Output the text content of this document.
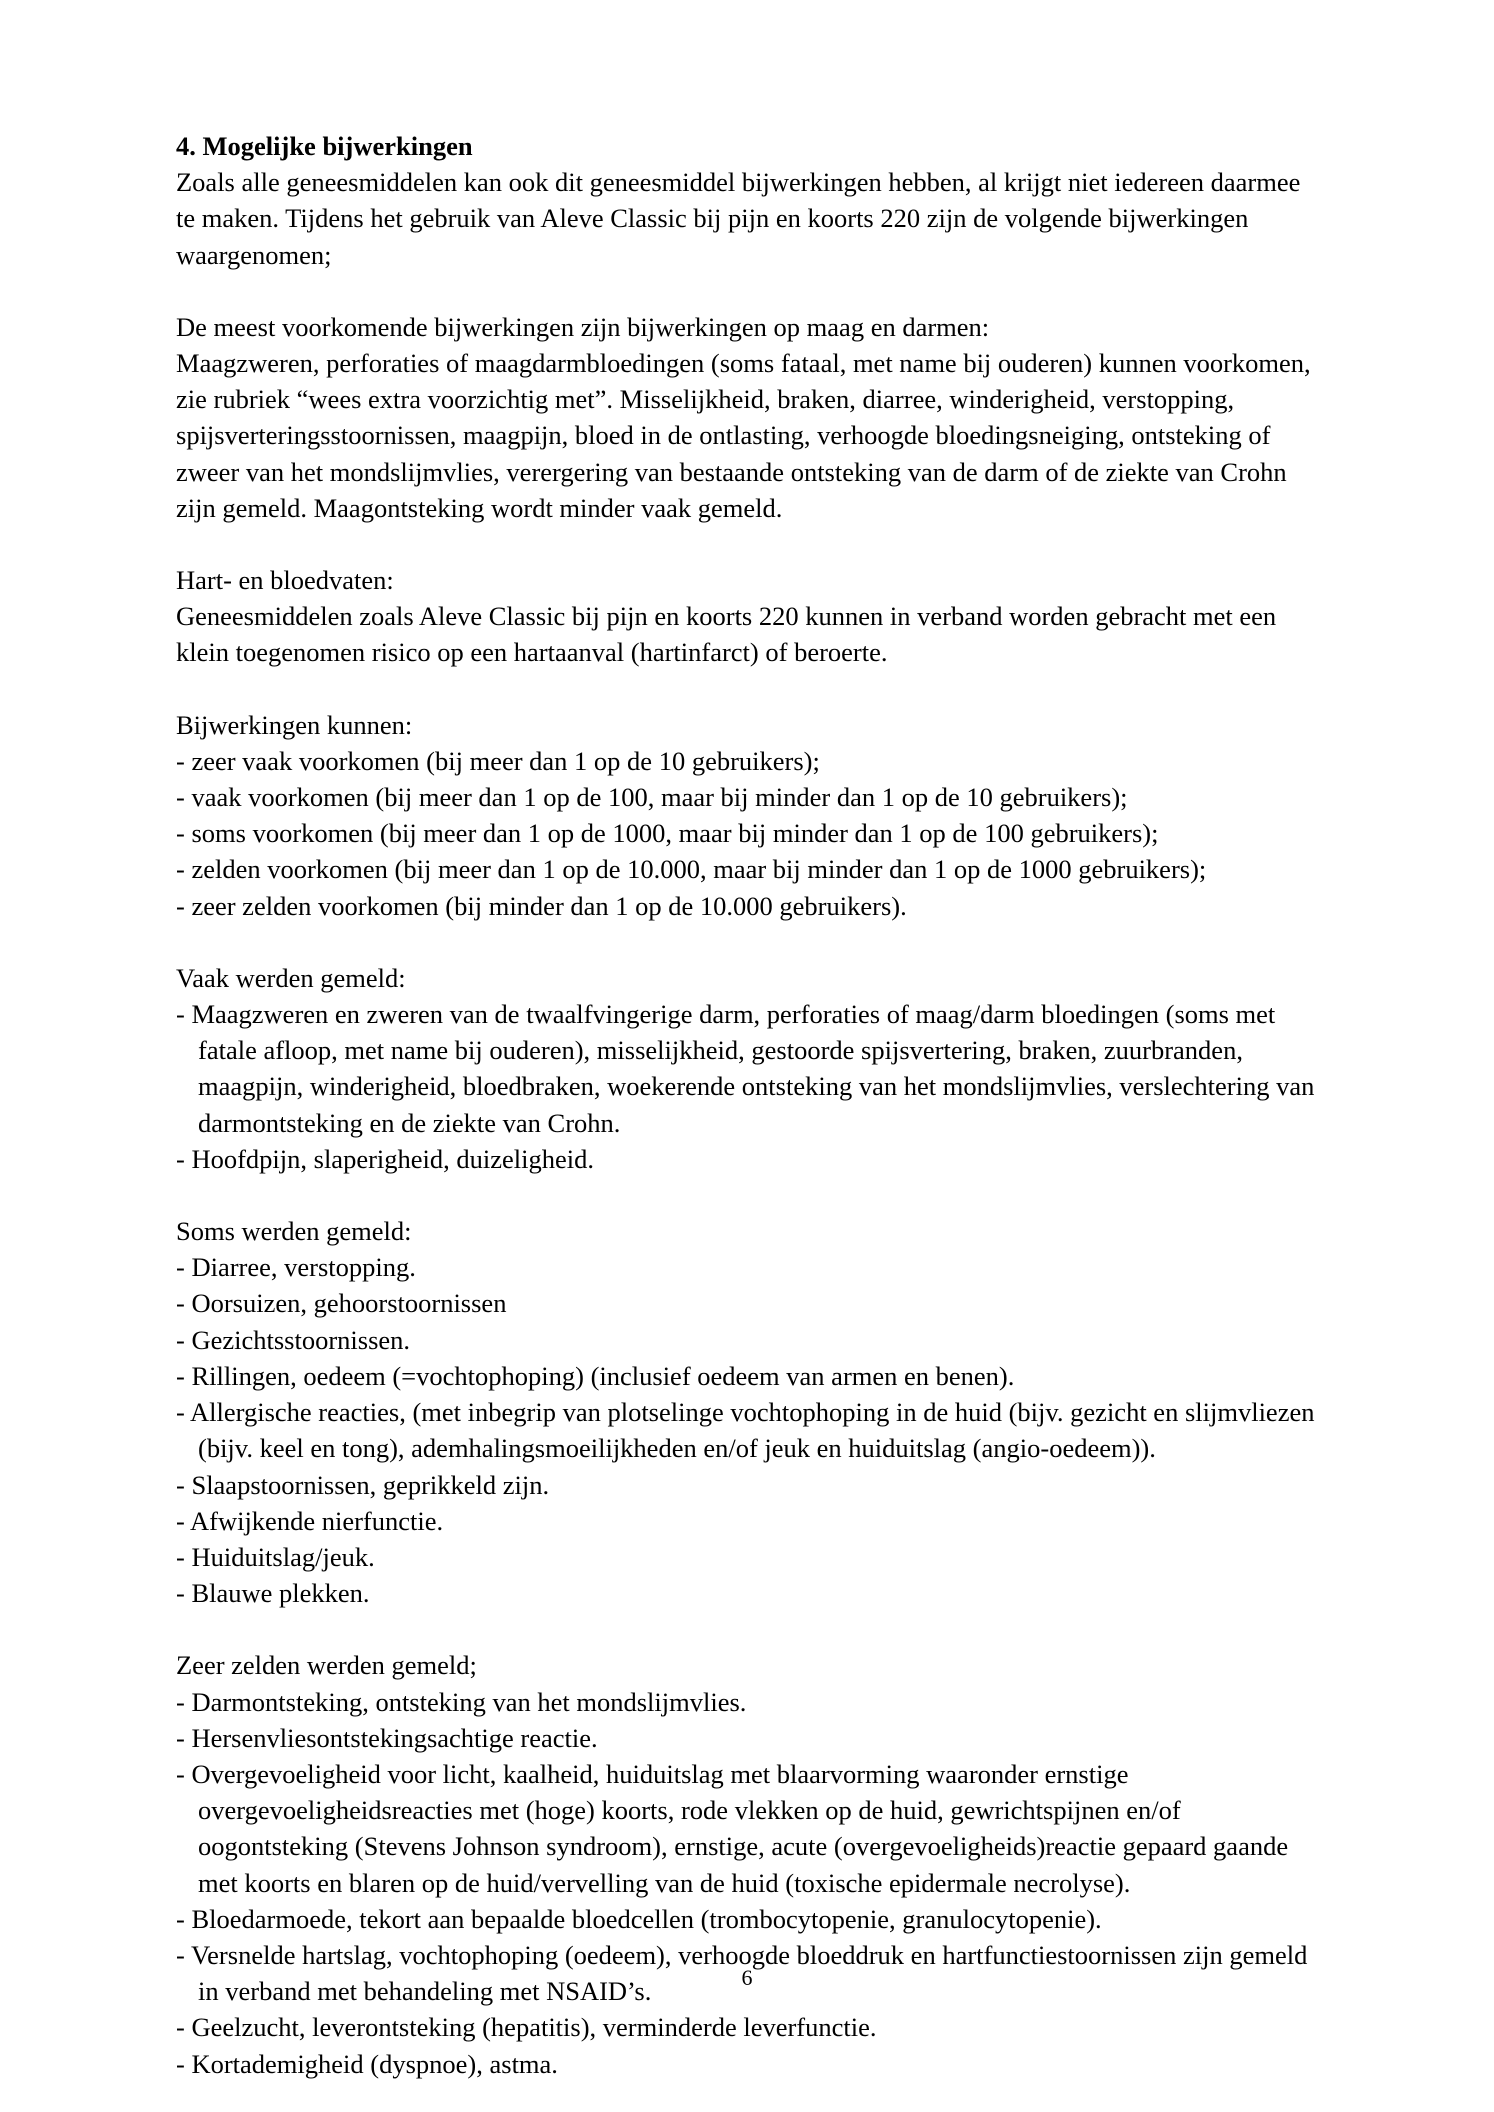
4. Mogelijke bijwerkingen

Zoals alle geneesmiddelen kan ook dit geneesmiddel bijwerkingen hebben, al krijgt niet iedereen daarmee te maken. Tijdens het gebruik van Aleve Classic bij pijn en koorts 220 zijn de volgende bijwerkingen waargenomen;

De meest voorkomende bijwerkingen zijn bijwerkingen op maag en darmen:

Maagzweren, perforaties of maagdarmbloedingen (soms fataal, met name bij ouderen) kunnen voorkomen, zie rubriek “wees extra voorzichtig met”. Misselijkheid, braken, diarree, winderigheid, verstopping, spijsverteringsstoornissen, maagpijn, bloed in de ontlasting, verhoogde bloedingsneiging, ontsteking of zweer van het mondslijmvlies, verergering van bestaande ontsteking van de darm of de ziekte van Crohn zijn gemeld. Maagontsteking wordt minder vaak gemeld.

Hart- en bloedvaten:

Geneesmiddelen zoals Aleve Classic bij pijn en koorts 220 kunnen in verband worden gebracht met een klein toegenomen risico op een hartaanval (hartinfarct) of beroerte.

Bijwerkingen kunnen:

- zeer vaak voorkomen (bij meer dan 1 op de 10 gebruikers);
- vaak voorkomen (bij meer dan 1 op de 100, maar bij minder dan 1 op de 10 gebruikers);
- soms voorkomen (bij meer dan 1 op de 1000, maar bij minder dan 1 op de 100 gebruikers);
- zelden voorkomen (bij meer dan 1 op de 10.000, maar bij minder dan 1 op de 1000 gebruikers);
- zeer zelden voorkomen (bij minder dan 1 op de 10.000 gebruikers).

Vaak werden gemeld:

- Maagzweren en zweren van de twaalfvingerige darm, perforaties of maag/darm bloedingen (soms met fatale afloop, met name bij ouderen), misselijkheid, gestoorde spijsvertering, braken, zuurbranden, maagpijn, winderigheid, bloedbraken, woekerende ontsteking van het mondslijmvlies, verslechtering van darmontsteking en de ziekte van Crohn.
- Hoofdpijn, slaperigheid, duizeligheid.

Soms werden gemeld:

- Diarree, verstopping.
- Oorsuizen, gehoorstoornissen
- Gezichtsstoornissen.
- Rillingen, oedeem (=vochtophoping) (inclusief oedeem van armen en benen).
- Allergische reacties, (met inbegrip van plotselinge vochtophoping in de huid (bijv. gezicht en slijmvliezen (bijv. keel en tong), ademhalingsmoeilijkheden en/of jeuk en huiduitslag (angio-oedeem)).
- Slaapstoornissen, geprikkeld zijn.
- Afwijkende nierfunctie.
- Huiduitslag/jeuk.
- Blauwe plekken.

Zeer zelden werden gemeld;

- Darmontsteking, ontsteking van het mondslijmvlies.
- Hersenvliesontstekingsachtige reactie.
- Overgevoeligheid voor licht, kaalheid, huiduitslag met blaarvorming waaronder ernstige overgevoeligheidsreacties met (hoge) koorts, rode vlekken op de huid, gewrichtspijnen en/of oogontsteking (Stevens Johnson syndroom), ernstige, acute (overgevoeligheids)reactie gepaard gaande met koorts en blaren op de huid/vervelling van de huid (toxische epidermale necrolyse).
- Bloedarmoede, tekort aan bepaalde bloedcellen (trombocytopenie, granulocytopenie).
- Versnelde hartslag, vochtophoping (oedeem), verhoogde bloeddruk en hartfunctiestoornissen zijn gemeld in verband met behandeling met NSAID’s.
- Geelzucht, leverontsteking (hepatitis), verminderde leverfunctie.
- Kortademigheid (dyspnoe), astma.
6
